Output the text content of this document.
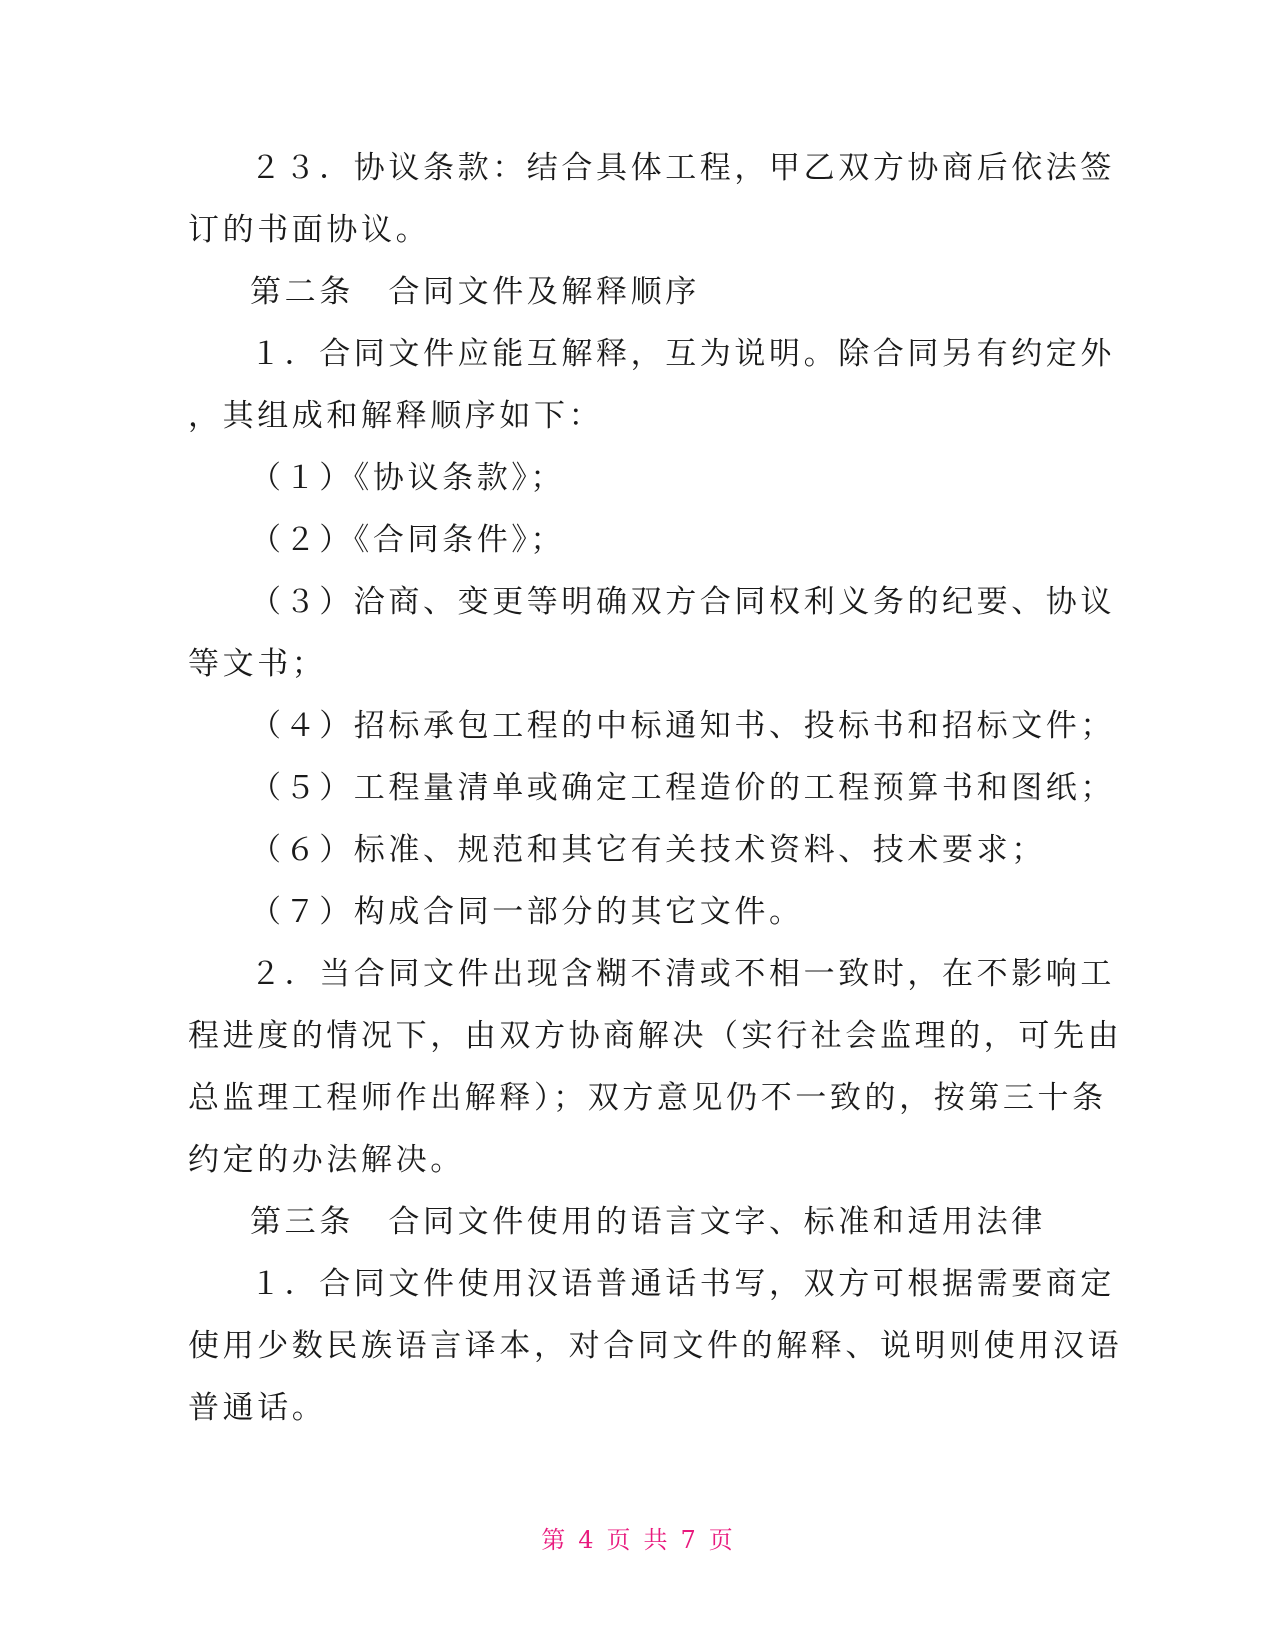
２３．协议条款：结合具体工程，甲乙双方协商后依法签

订的书面协议。

第二条　合同文件及解释顺序

１．合同文件应能互解释，互为说明。除合同另有约定外

，其组成和解释顺序如下：

（１）《协议条款》；

（２）《合同条件》；

（３）洽商、变更等明确双方合同权利义务的纪要、协议

等文书；

（４）招标承包工程的中标通知书、投标书和招标文件；

（５）工程量清单或确定工程造价的工程预算书和图纸；

（６）标准、规范和其它有关技术资料、技术要求；

（７）构成合同一部分的其它文件。

２．当合同文件出现含糊不清或不相一致时，在不影响工

程进度的情况下，由双方协商解决（实行社会监理的，可先由

总监理工程师作出解释）；双方意见仍不一致的，按第三十条

约定的办法解决。

第三条　合同文件使用的语言文字、标准和适用法律

１．合同文件使用汉语普通话书写，双方可根据需要商定

使用少数民族语言译本，对合同文件的解释、说明则使用汉语

普通话。

第 4 页 共 7 页
